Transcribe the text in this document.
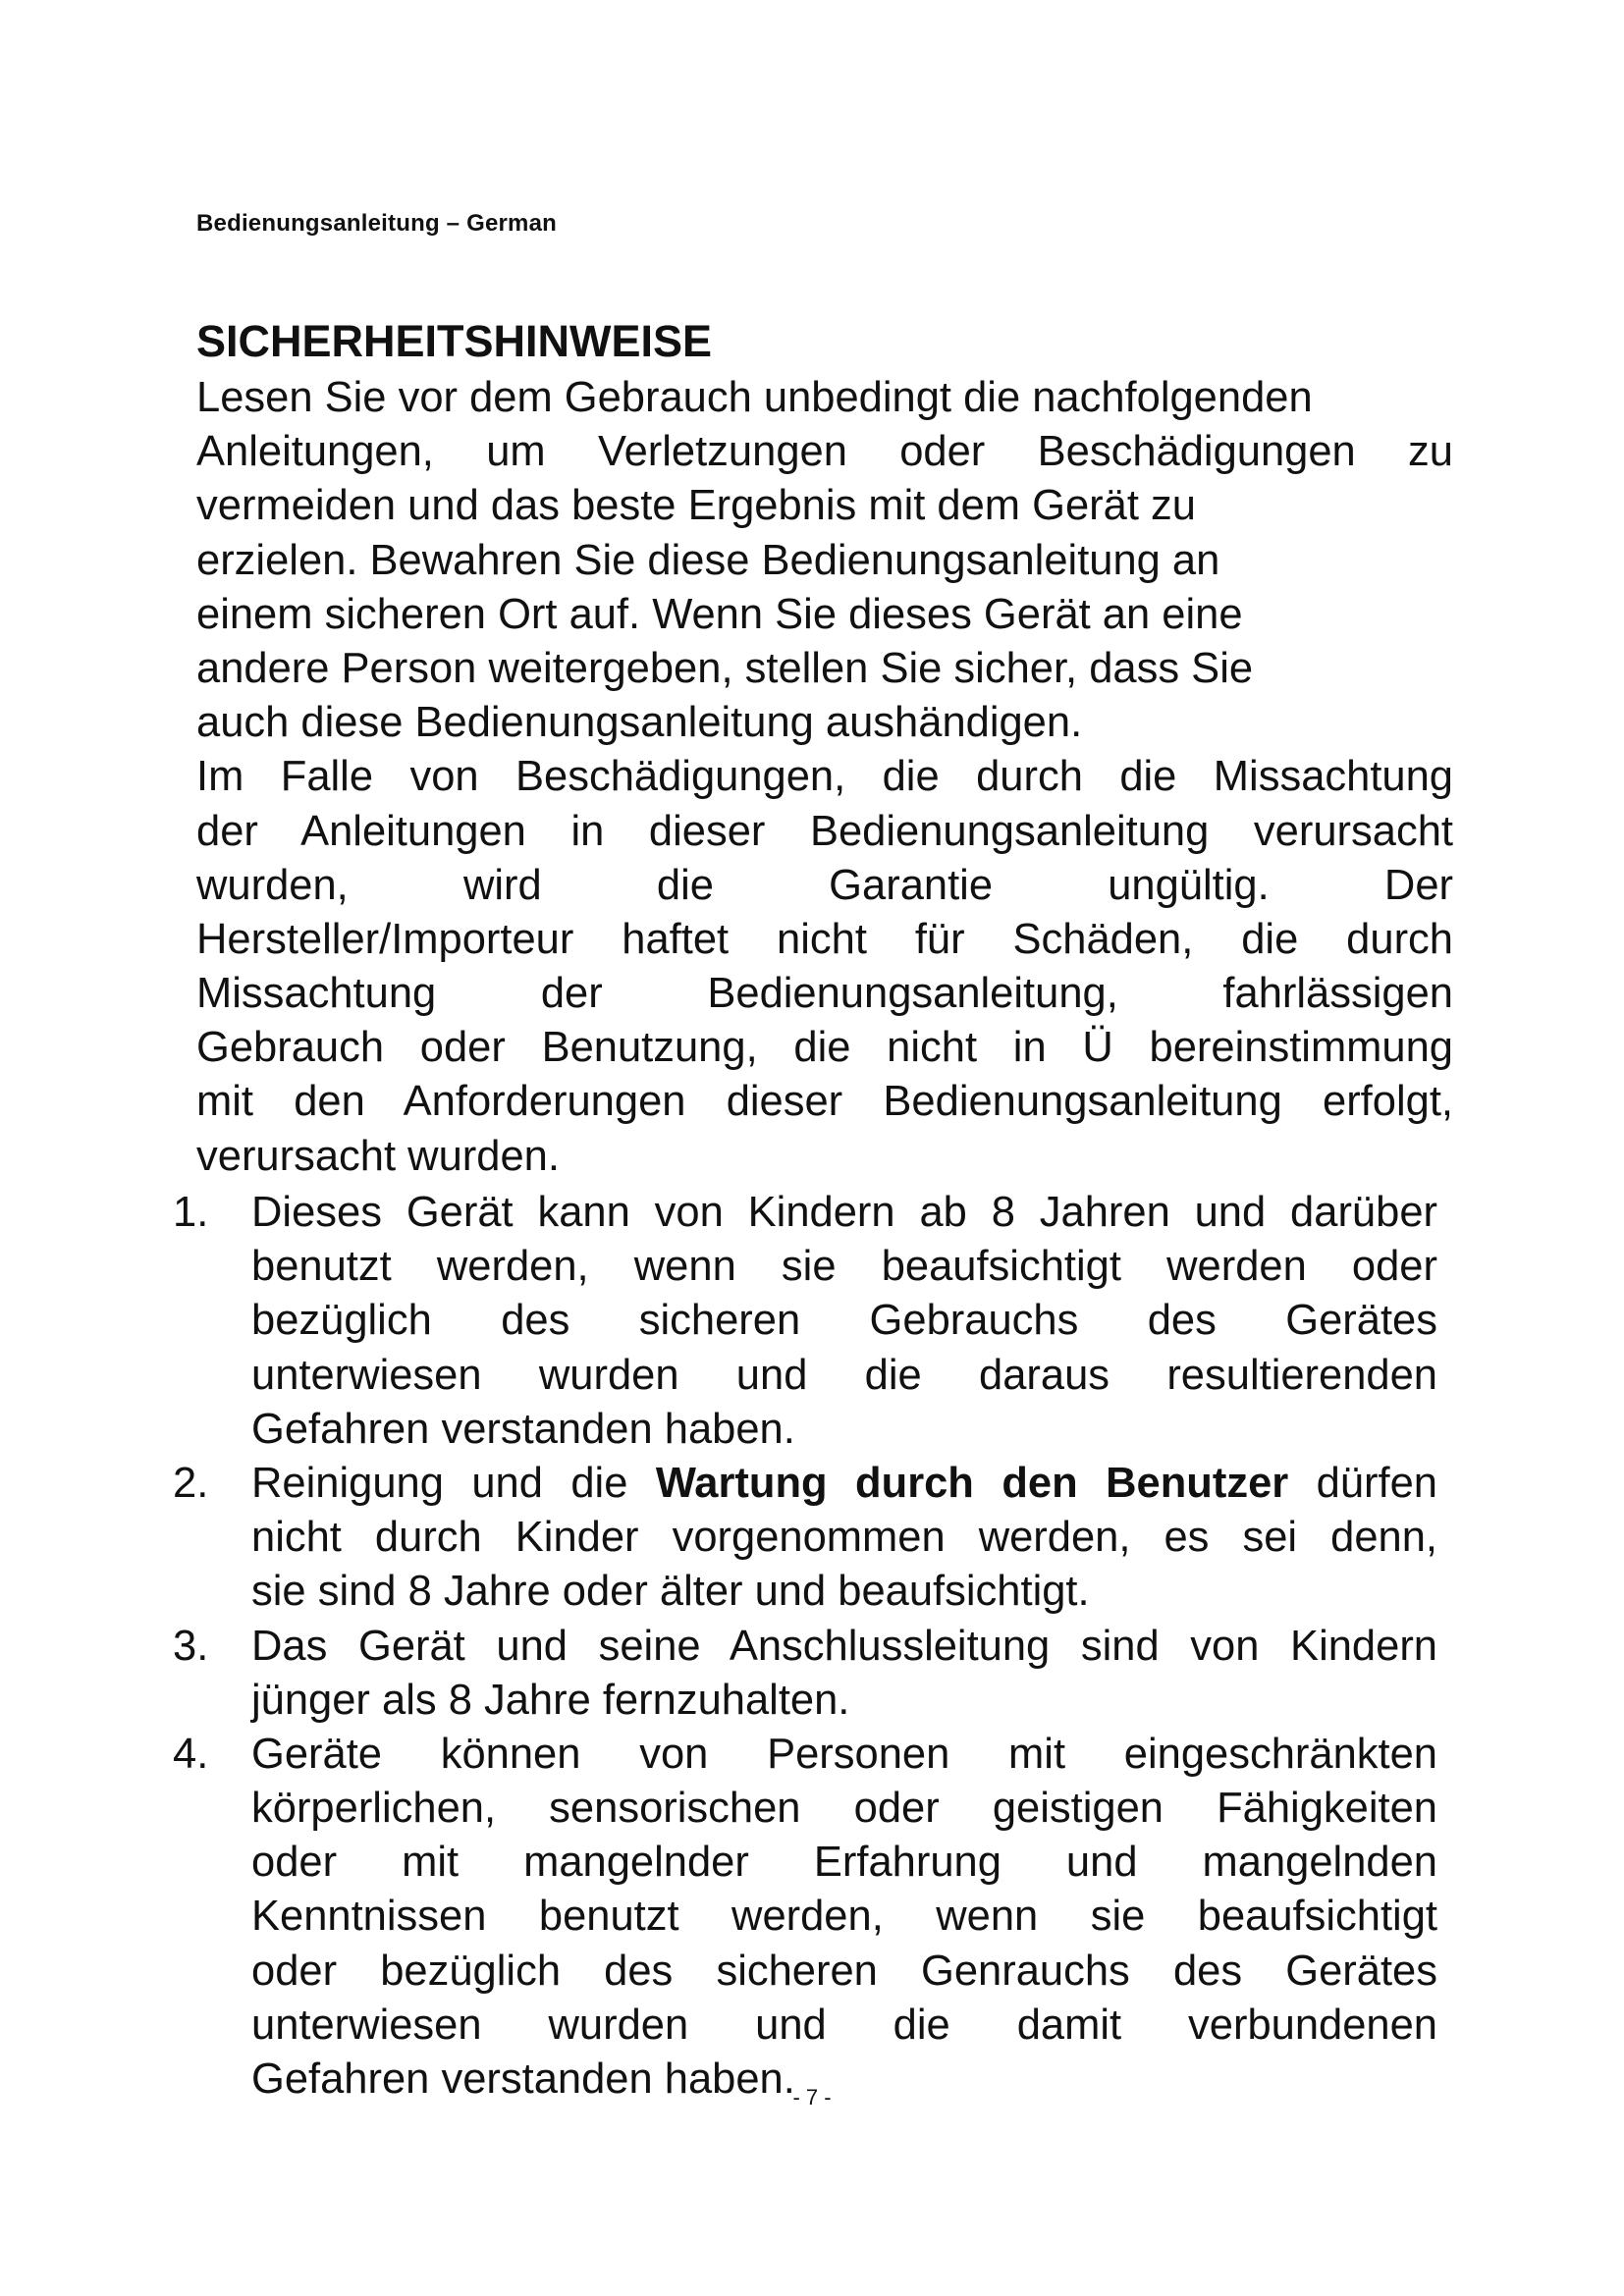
Bedienungsanleitung – German
SICHERHEITSHINWEISE
Lesen Sie vor dem Gebrauch unbedingt die nachfolgenden
Anleitungen, um Verletzungen oder Beschädigungen zu
vermeiden und das beste Ergebnis mit dem Gerät zu
erzielen. Bewahren Sie diese Bedienungsanleitung an
einem sicheren Ort auf. Wenn Sie dieses Gerät an eine
andere Person weitergeben, stellen Sie sicher, dass Sie
auch diese Bedienungsanleitung aushändigen.
Im Falle von Beschädigungen, die durch die Missachtung
der Anleitungen in dieser Bedienungsanleitung verursacht
wurden, wird die Garantie ungültig. Der
Hersteller/Importeur haftet nicht für Schäden, die durch
Missachtung der Bedienungsanleitung, fahrlässigen
Gebrauch oder Benutzung, die nicht in Ü bereinstimmung
mit den Anforderungen dieser Bedienungsanleitung erfolgt,
verursacht wurden.
1. Dieses Gerät kann von Kindern ab 8 Jahren und darüber
benutzt werden, wenn sie beaufsichtigt werden oder
bezüglich des sicheren Gebrauchs des Gerätes
unterwiesen wurden und die daraus resultierenden
Gefahren verstanden haben.
2. Reinigung und die Wartung durch den Benutzer dürfen
nicht durch Kinder vorgenommen werden, es sei denn,
sie sind 8 Jahre oder älter und beaufsichtigt.
3. Das Gerät und seine Anschlussleitung sind von Kindern
jünger als 8 Jahre fernzuhalten.
4. Geräte können von Personen mit eingeschränkten
körperlichen, sensorischen oder geistigen Fähigkeiten
oder mit mangelnder Erfahrung und mangelnden
Kenntnissen benutzt werden, wenn sie beaufsichtigt
oder bezüglich des sicheren Genrauchs des Gerätes
unterwiesen wurden und die damit verbundenen
Gefahren verstanden haben.
- 7 -
